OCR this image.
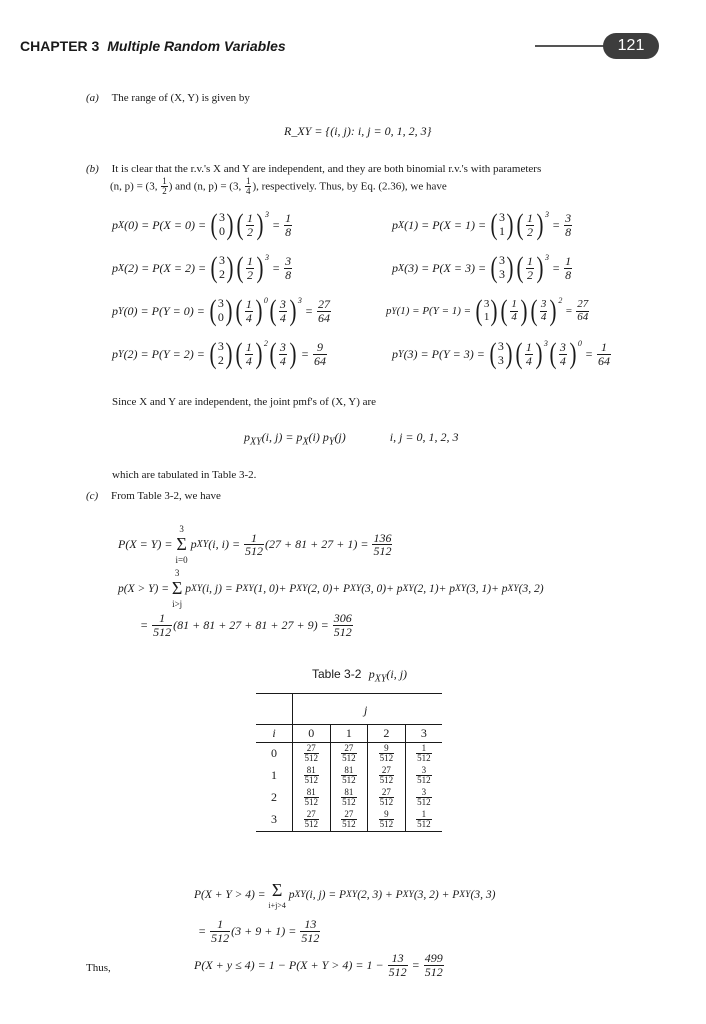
CHAPTER 3 Multiple Random Variables	121
(a) The range of (X, Y) is given by
R_XY = {(i, j): i, j = 0, 1, 2, 3}
(b) It is clear that the r.v.'s X and Y are independent, and they are both binomial r.v.'s with parameters
(n, p) = (3, $\frac{1}{2}$ ) and (n, p) = (3, $\frac{1}{4}$ ), respectively. Thus, by Eq. (2.36), we have
p X (0) = P(X = 0) = ( 3
0 ) ( $\frac{1}{2} )^3$
= $\frac{1}{8}$	p X (1) = P(X = 1) = ( 3
1 ) ( $\frac{1}{2} )^3$
= $\frac{3}{8}$
p X (2) = P(X = 2) = ( 3
2 ) ( $\frac{1}{2} )^3$
= $\frac{3}{8}$	p X (3) = P(X = 3) = ( 3
3 ) ( $\frac{1}{2} )^3$
= $\frac{1}{8}$
p Y (0) = P(Y = 0) = ( 3
0 ) ( $\frac{1}{4} )^0$ ( $\frac{3}{4} )^3$
= $\frac{27}{64}$	p Y (1) = P(Y = 1) = ( 3
1 ) ( $\frac{1}{4}$ ) ( $\frac{3}{4} )^2$
= $\frac{27}{64}$
p Y (2) = P(Y = 2) = ( 3
2 ) ( $\frac{1}{4} )^2$ ( $\frac{3}{4}$ ) = $\frac{9}{64}$	p Y (3) = P(Y = 3) = ( 3
3 ) ( $\frac{1}{4} )^3$ ( $\frac{3}{4} )^0$
= $\frac{1}{64}$
Since X and Y are independent, the joint pmf's of (X, Y) are
$p_{XY}(i$, $j) = p_X(i)$ $p_Y(j)$	i, j = 0, 1, 2, 3
which are tabulated in Table 3-2.
(c) From Table 3-2, we have
P(X = Y) =
3
Σ
i=0
p XY (i, $i) = \frac{1}{512} (27 + 81 + 27 + 1) = \frac{136}{512}$
p(X > Y) =
3
Σ
i>j
p XY (i, j) = P XY (1, 0)+ P XY (2, 0)+ P XY (3, 0)+ p XY (2, 1)+ p XY (3, 1)+ p XY (3, 2)
= $\frac{1}{512} (81 + 81 + 27 + 81 + 27 + 9) = \frac{306}{512}$
Table 3-2 $p_{XY}(i$, j)
j
i	0	1	2	3
0	$\frac{27}{512}$	$\frac{27}{512}$	$\frac{9}{512}$	$\frac{1}{512}$

1	$\frac{81}{512}$	$\frac{81}{512}$	$\frac{27}{512}$	$\frac{3}{512}$

2	$\frac{81}{512}$	$\frac{81}{512}$	$\frac{27}{512}$	$\frac{3}{512}$

3	$\frac{27}{512}$	$\frac{27}{512}$	$\frac{9}{512}$	$\frac{1}{512}$
P(X + Y > 4) = Σ
i+j>4
p XY (i, j) = P XY (2, 3) + P XY (3, 2) + P XY (3, 3)
= $\frac{1}{512} (3 + 9 + 1) = \frac{13}{512}$
Thus,	$P(X + y \le 4) = 1 - P(X + Y > 4) = 1 - \frac{13}{512} = \frac{499}{512}$
